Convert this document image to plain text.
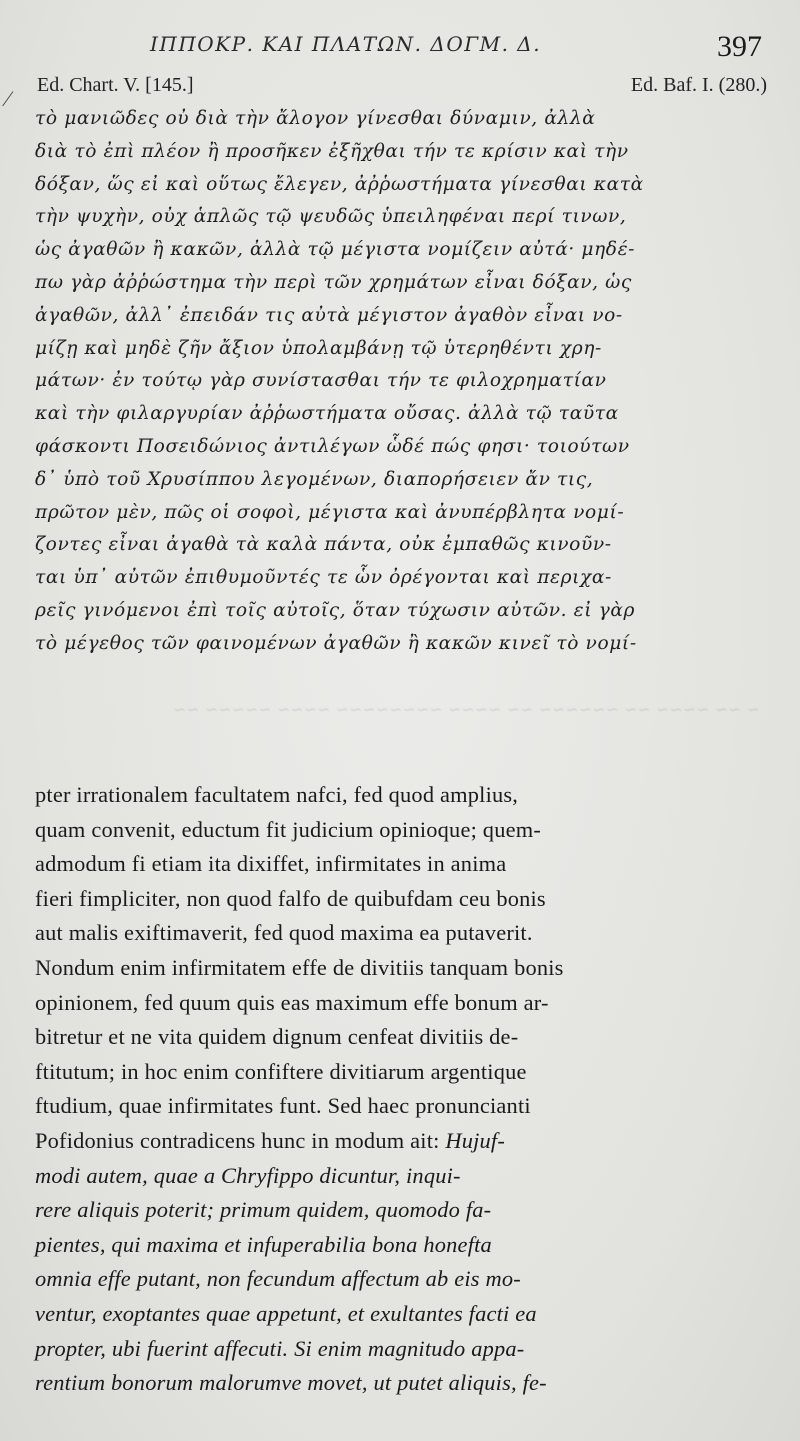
ΙΠΠΟΚΡ. ΚΑΙ ΠΛΑΤΩΝ. ΔΟΓΜ. Δ.	397
Ed. Chart. V. [145.]	Ed. Baf. I. (280.)
⁄
τὸ μανιῶδες οὐ διὰ τὴν ἄλογον γίνεσθαι δύναμιν, ἀλλὰ
διὰ τὸ ἐπὶ πλέον ἢ προσῆκεν ἐξῆχθαι τήν τε κρίσιν καὶ τὴν
δόξαν, ὥς εἰ καὶ οὕτως ἔλεγεν, ἀῤῥωστήματα γίνεσθαι κατὰ
τὴν ψυχὴν, οὐχ ἁπλῶς τῷ ψευδῶς ὑπειληφέναι περί τινων,
ὡς ἀγαθῶν ἢ κακῶν, ἀλλὰ τῷ μέγιστα νομίζειν αὐτά· μηδέ-
πω γὰρ ἀῤῥώστημα τὴν περὶ τῶν χρημάτων εἶναι δόξαν, ὡς
ἀγαθῶν, ἀλλ᾽ ἐπειδάν τις αὐτὰ μέγιστον ἀγαθὸν εἶναι νο-
μίζῃ καὶ μηδὲ ζῆν ἄξιον ὑπολαμβάνῃ τῷ ὑτερηθέντι χρη-
μάτων· ἐν τούτῳ γὰρ συνίστασθαι τήν τε φιλοχρηματίαν
καὶ τὴν φιλαργυρίαν ἀῤῥωστήματα οὔσας. ἀλλὰ τῷ ταῦτα
φάσκοντι Ποσειδώνιος ἀντιλέγων ὧδέ πώς φησι· τοιούτων
δ᾽ ὑπὸ τοῦ Χρυσίππου λεγομένων, διαπορήσειεν ἄν τις,
πρῶτον μὲν, πῶς οἱ σοφοὶ, μέγιστα καὶ ἀνυπέρβλητα νομί-
ζοντες εἶναι ἀγαθὰ τὰ καλὰ πάντα, οὐκ ἐμπαθῶς κινοῦν-
ται ὑπ᾽ αὐτῶν ἐπιθυμοῦντές τε ὧν ὀρέγονται καὶ περιχα-
ρεῖς γινόμενοι ἐπὶ τοῖς αὐτοῖς, ὅταν τύχωσιν αὐτῶν. εἰ γὰρ
τὸ μέγεθος τῶν φαινομένων ἀγαθῶν ἢ κακῶν κινεῖ τὸ νομί-
~ ~~ ~~~~ ~~ ~~~~~~ ~~ ~~~~ ~~~~~~~~ ~~~~ ~~~~~ ~~
pter irrationalem facultatem nafci, fed quod amplius,
quam convenit, eductum fit judicium opinioque; quem-
admodum fi etiam ita dixiffet, infirmitates in anima
fieri fimpliciter, non quod falfo de quibufdam ceu bonis
aut malis exiftimaverit, fed quod maxima ea putaverit.
Nondum enim infirmitatem effe de divitiis tanquam bonis
opinionem, fed quum quis eas maximum effe bonum ar-
bitretur et ne vita quidem dignum cenfeat divitiis de-
ftitutum; in hoc enim confiftere divitiarum argentique
ftudium, quae infirmitates funt. Sed haec pronuncianti
Pofidonius contradicens hunc in modum ait: Hujuf-
modi autem, quae a Chryfippo dicuntur, inqui-
rere aliquis poterit; primum quidem, quomodo fa-
pientes, qui maxima et infuperabilia bona honefta
omnia effe putant, non fecundum affectum ab eis mo-
ventur, exoptantes quae appetunt, et exultantes facti ea
propter, ubi fuerint affecuti. Si enim magnitudo appa-
rentium bonorum malorumve movet, ut putet aliquis, fe-
